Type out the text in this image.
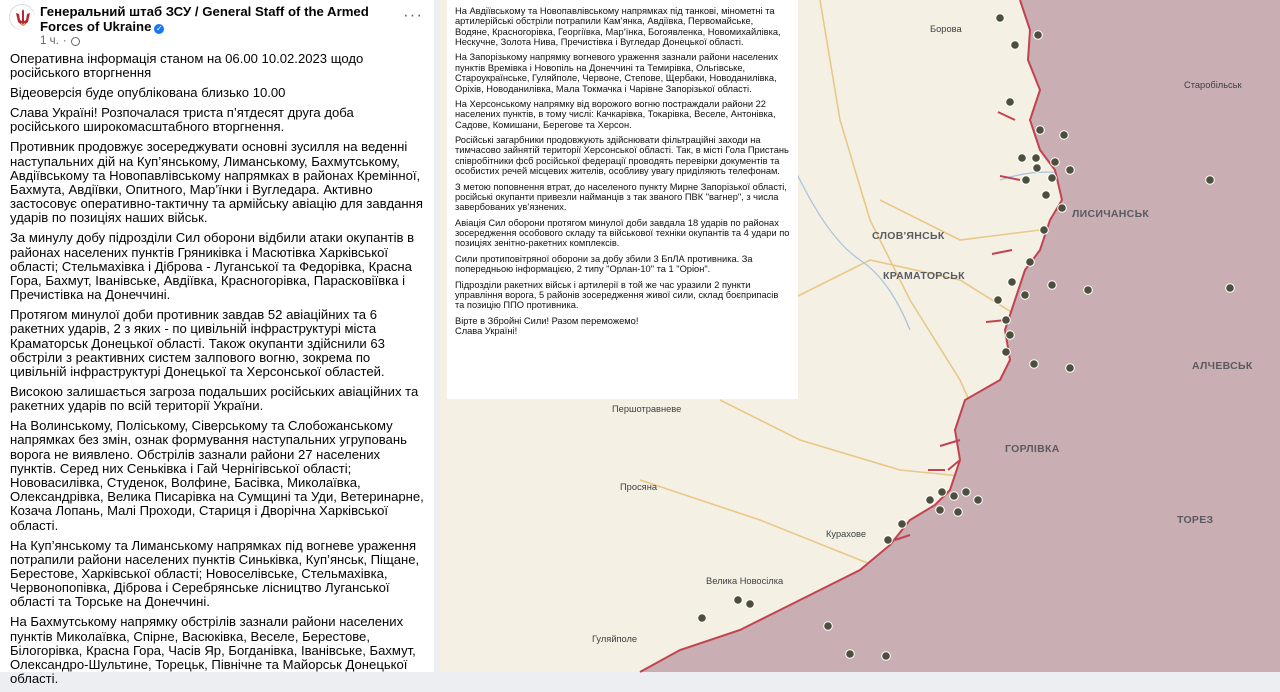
Генеральний штаб ЗСУ / General Staff of the Armed Forces of Ukraine ✓
1 ч. ·
···

Оперативна інформація станом на 06.00 10.02.2023 щодо російського вторгнення

Відеоверсія буде опублікована близько 10.00

Слава Україні! Розпочалася триста п’ятдесят друга доба російського широкомасштабного вторгнення.

Противник продовжує зосереджувати основні зусилля на веденні наступальних дій на Куп’янському, Лиманському, Бахмутському, Авдіївському та Новопавлівському напрямках в районах Кремінної, Бахмута, Авдіївки, Опитного, Мар’їнки і Вугледара. Активно застосовує оперативно-тактичну та армійську авіацію для завдання ударів по позиціях наших військ.

За минулу добу підрозділи Сил оборони відбили атаки окупантів в районах населених пунктів Гряниківка і Масютівка Харківської області; Стельмахівка і Діброва - Луганської та Федорівка, Красна Гора, Бахмут, Іванівське, Авдіївка, Красногорівка, Парасковіївка і Пречистівка на Донеччині.

Протягом минулої доби противник завдав 52 авіаційних та 6 ракетних ударів, 2 з яких - по цивільній інфраструктурі міста Краматорськ Донецької області. Також окупанти здійснили 63 обстріли з реактивних систем залпового вогню, зокрема по цивільній інфраструктурі Донецької та Херсонської областей.

Високою залишається загроза подальших російських авіаційних та ракетних ударів по всій території України.

На Волинському, Поліському, Сіверському та Слобожанському напрямках без змін, ознак формування наступальних угруповань ворога не виявлено. Обстрілів зазнали райони 27 населених пунктів. Серед них Сеньківка і Гай Чернігівської області; Нововасилівка, Студенок, Волфине, Басівка, Миколаївка, Олександрівка, Велика Писарівка на Сумщині та Уди, Ветеринарне, Козача Лопань, Малі Проходи, Стариця і Дворічна Харківської області.

На Куп’янському та Лиманському напрямках під вогневе ураження потрапили райони населених пунктів Синьківка, Куп’янськ, Піщане, Берестове, Харківської області; Новоселівське, Стельмахівка, Червонопопівка, Діброва і Серебрянське лісництво Луганської області та Торське на Донеччині.

На Бахмутському напрямку обстрілів зазнали райони населених пунктів Миколаївка, Спірне, Васюківка, Веселе, Берестове, Білогорівка, Красна Гора, Часів Яр, Богданівка, Іванівське, Бахмут, Олександро-Шультине, Торецьк, Північне та Майорськ Донецької області.

На Авдіївському та Новопавлівському напрямках під танкові, мінометні та артилерійські обстріли потрапили Кам’янка, Авдіївка, Первомайське, Водяне, Красногорівка, Георгіївка, Мар’їнка, Богоявленка, Новомихайлівка, Нескучне, Золота Нива, Пречистівка і Вугледар Донецької області.

На Запорізькому напрямку вогневого ураження зазнали райони населених пунктів Времівка і Новопіль на Донеччині та Темирівка, Ольгівське, Староукраїнське, Гуляйполе, Червоне, Степове, Щербаки, Новоданилівка, Оріхів, Новоданилівка, Мала Токмачка і Чарівне Запорізької області.

На Херсонському напрямку від ворожого вогню постраждали райони 22 населених пунктів, в тому числі: Качкарівка, Токарівка, Веселе, Антонівка, Садове, Комишани, Берегове та Херсон.

Російські загарбники продовжують здійснювати фільтраційні заходи на тимчасово зайнятій території Херсонської області. Так, в місті Гола Пристань співробітники фсб російської федерації проводять перевірки документів та особистих речей місцевих жителів, особливу увагу приділяють телефонам.

З метою поповнення втрат, до населеного пункту Мирне Запорізької області, російські окупанти привезли найманців з так званого ПВК "вагнер", з числа завербованих ув’язнених.

Авіація Сил оборони протягом минулої доби завдала 18 ударів по районах зосередження особового складу та військової техніки окупантів та 4 удари по позиціях зенітно-ракетних комплексів.

Сили протиповітряної оборони за добу збили 3 БпЛА противника. За попередньою інформацією, 2 типу "Орлан-10" та 1 "Оріон".

Підрозділи ракетних військ і артилерії в той же час уразили 2 пункти управління ворога, 5 районів зосередження живої сили, склад боєприпасів та позицію ППО противника.

Вірте в Збройні Сили! Разом переможемо!
Слава Україні!

СЛОВ'ЯНСЬК
КРАМАТОРСЬК
ЛИСИЧАНСЬК
АЛЧЕВСЬК
ГОРЛІВКА
ТОРЕЗ
Борова
Старобільськ
Першотравневе
Просяна
Курахове
Велика Новосілка
Гуляйполе
